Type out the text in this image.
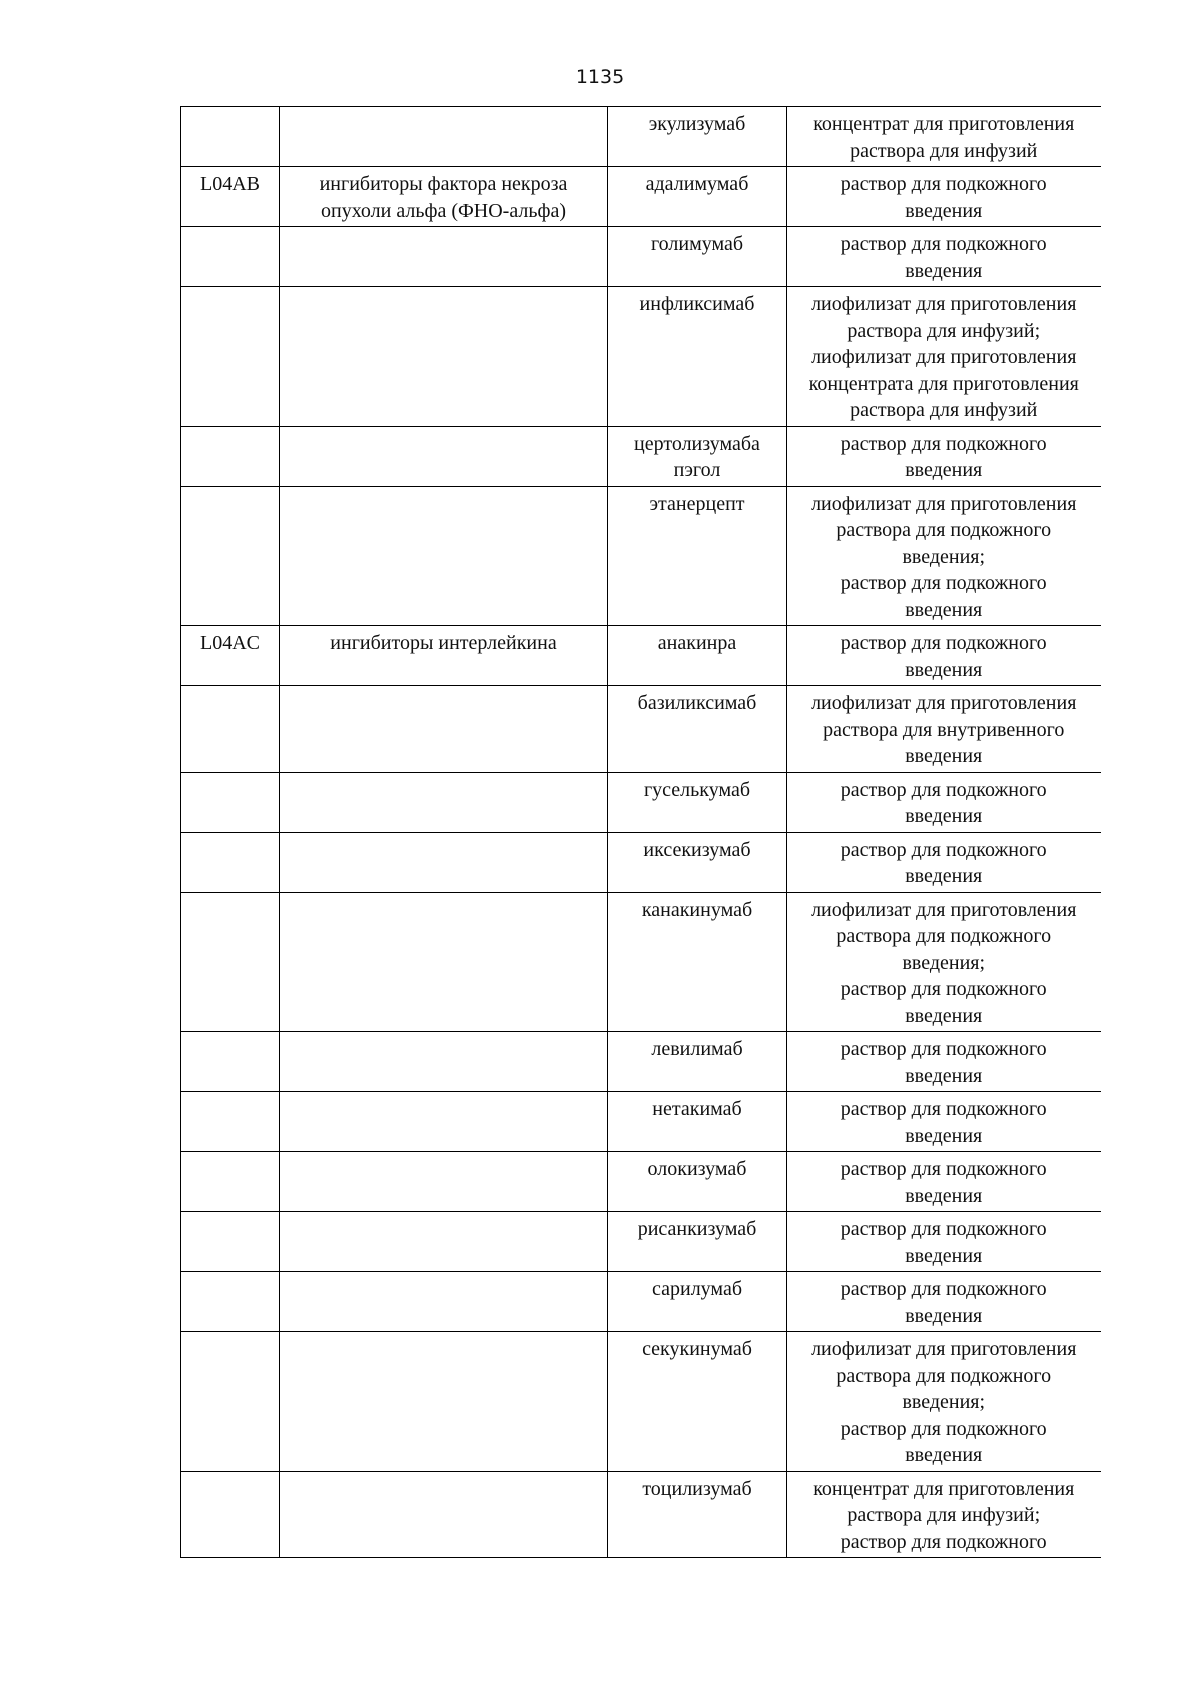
1135

		экулизумаб	концентрат для приготовления
раствора для инфузий

L04AB	ингибиторы фактора некроза
опухоли альфа (ФНО-альфа)	адалимумаб	раствор для подкожного
введения

		голимумаб	раствор для подкожного
введения

		инфликсимаб	лиофилизат для приготовления
раствора для инфузий;
лиофилизат для приготовления
концентрата для приготовления
раствора для инфузий

		цертолизумаба
пэгол	раствор для подкожного
введения

		этанерцепт	лиофилизат для приготовления
раствора для подкожного
введения;
раствор для подкожного
введения

L04AC	ингибиторы интерлейкина	анакинра	раствор для подкожного
введения

		базиликсимаб	лиофилизат для приготовления
раствора для внутривенного
введения

		гуселькумаб	раствор для подкожного
введения

		иксекизумаб	раствор для подкожного
введения

		канакинумаб	лиофилизат для приготовления
раствора для подкожного
введения;
раствор для подкожного
введения

		левилимаб	раствор для подкожного
введения

		нетакимаб	раствор для подкожного
введения

		олокизумаб	раствор для подкожного
введения

		рисанкизумаб	раствор для подкожного
введения

		сарилумаб	раствор для подкожного
введения

		секукинумаб	лиофилизат для приготовления
раствора для подкожного
введения;
раствор для подкожного
введения

		тоцилизумаб	концентрат для приготовления
раствора для инфузий;
раствор для подкожного
